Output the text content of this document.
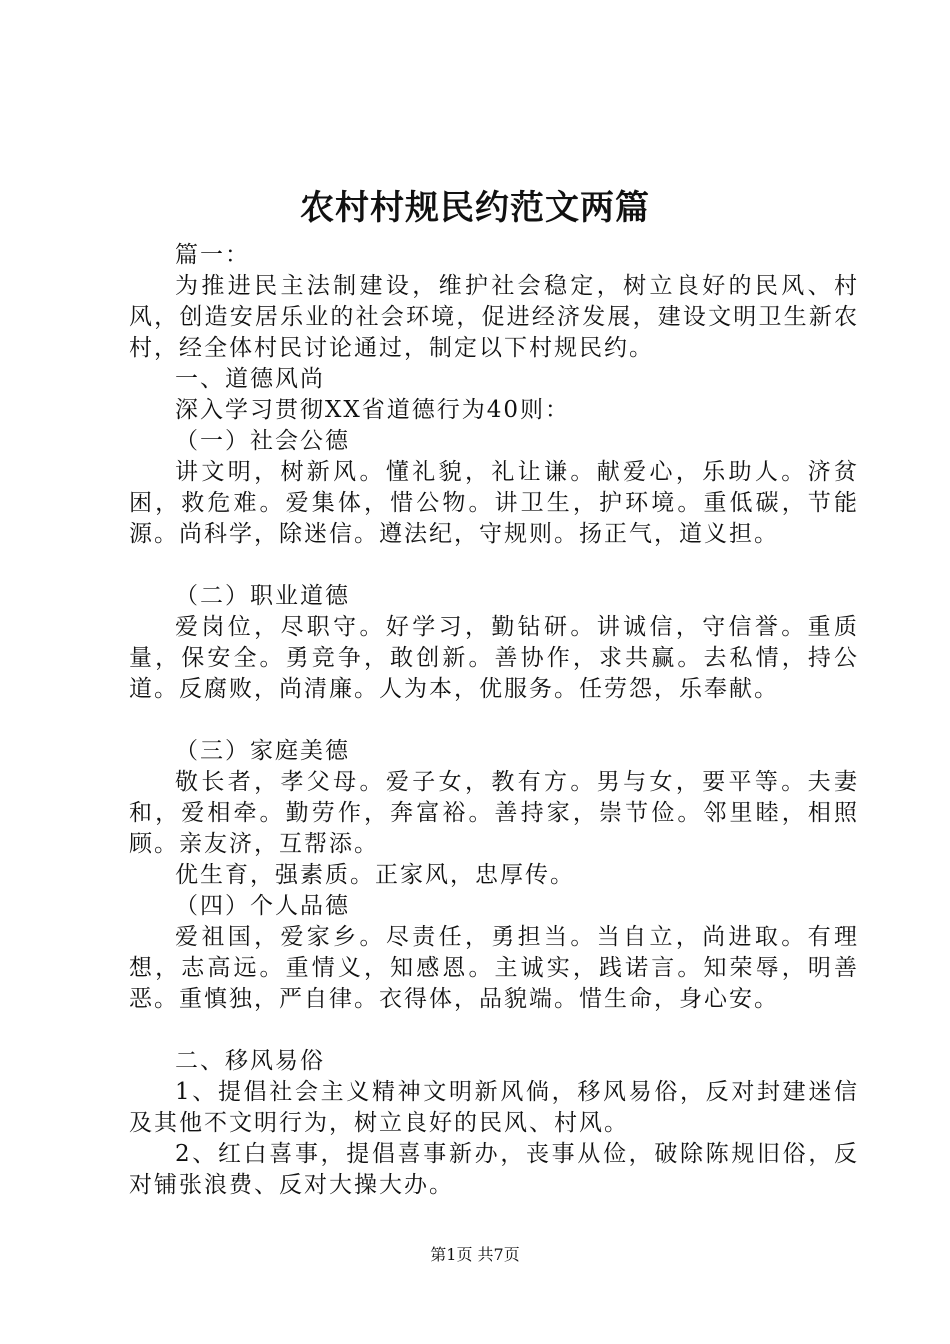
农村村规民约范文两篇

篇一：

为推进民主法制建设，维护社会稳定，树立良好的民风、村风，创造安居乐业的社会环境，促进经济发展，建设文明卫生新农村，经全体村民讨论通过，制定以下村规民约。

一、道德风尚

深入学习贯彻XX省道德行为40则：

（一）社会公德

讲文明，树新风。懂礼貌，礼让谦。献爱心，乐助人。济贫困，救危难。爱集体，惜公物。讲卫生，护环境。重低碳，节能源。尚科学，除迷信。遵法纪，守规则。扬正气，道义担。

（二）职业道德

爱岗位，尽职守。好学习，勤钻研。讲诚信，守信誉。重质量，保安全。勇竞争，敢创新。善协作，求共赢。去私情，持公道。反腐败，尚清廉。人为本，优服务。任劳怨，乐奉献。

（三）家庭美德

敬长者，孝父母。爱子女，教有方。男与女，要平等。夫妻和，爱相牵。勤劳作，奔富裕。善持家，崇节俭。邻里睦，相照顾。亲友济，互帮添。

优生育，强素质。正家风，忠厚传。

（四）个人品德

爱祖国，爱家乡。尽责任，勇担当。当自立，尚进取。有理想，志高远。重情义，知感恩。主诚实，践诺言。知荣辱，明善恶。重慎独，严自律。衣得体，品貌端。惜生命，身心安。

二、移风易俗

1、提倡社会主义精神文明新风倘，移风易俗，反对封建迷信及其他不文明行为，树立良好的民风、村风。

2、红白喜事，提倡喜事新办，丧事从俭，破除陈规旧俗，反对铺张浪费、反对大操大办。

第1页 共7页
